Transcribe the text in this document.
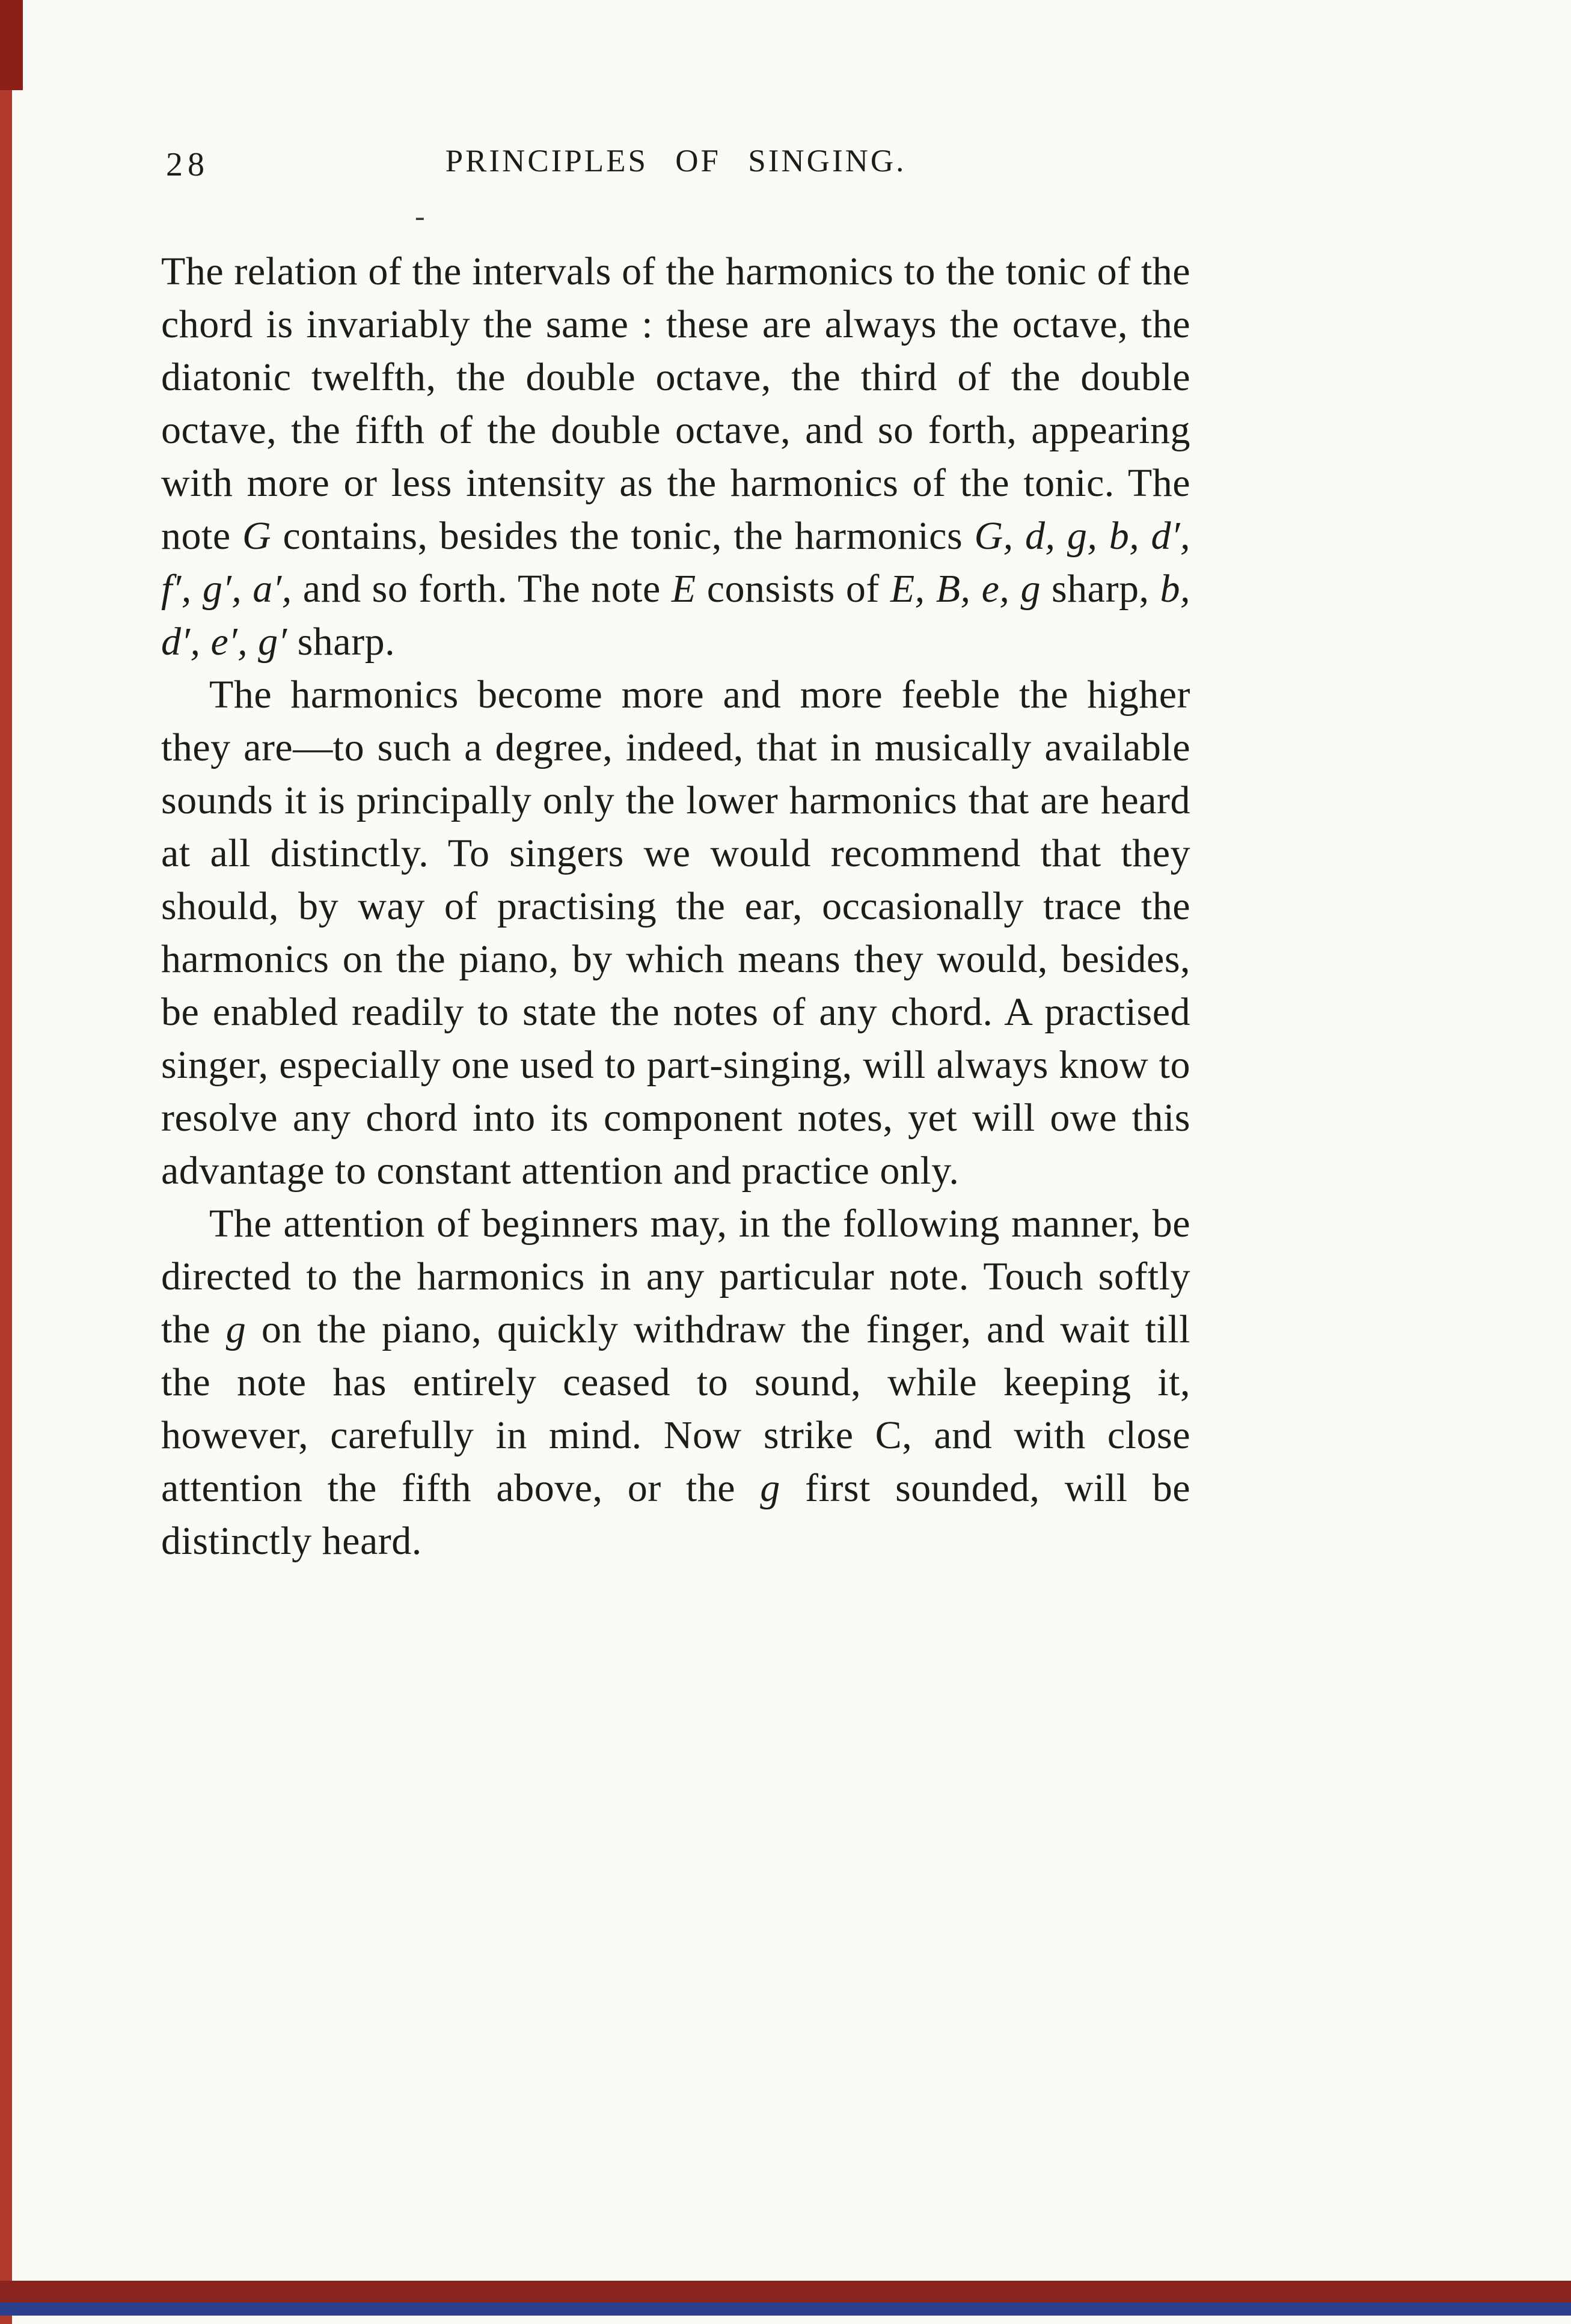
28	PRINCIPLES OF SINGING.
-

The relation of the intervals of the harmonics to the tonic of the chord is invariably the same : these are always the octave, the diatonic twelfth, the double octave, the third of the double octave, the fifth of the double octave, and so forth, appearing with more or less intensity as the harmonics of the tonic. The note G contains, besides the tonic, the harmonics G, d, g, b, d′, f′, g′, a′, and so forth. The note E consists of E, B, e, g sharp, b, d′, e′, g′ sharp.

The harmonics become more and more feeble the higher they are—to such a degree, indeed, that in musically available sounds it is principally only the lower harmonics that are heard at all distinctly. To singers we would recommend that they should, by way of practising the ear, occasionally trace the harmonics on the piano, by which means they would, besides, be enabled readily to state the notes of any chord. A practised singer, especially one used to part-singing, will always know to resolve any chord into its component notes, yet will owe this advantage to constant attention and practice only.

The attention of beginners may, in the following manner, be directed to the harmonics in any particular note. Touch softly the g on the piano, quickly withdraw the finger, and wait till the note has entirely ceased to sound, while keeping it, however, carefully in mind. Now strike C, and with close attention the fifth above, or the g first sounded, will be distinctly heard.
